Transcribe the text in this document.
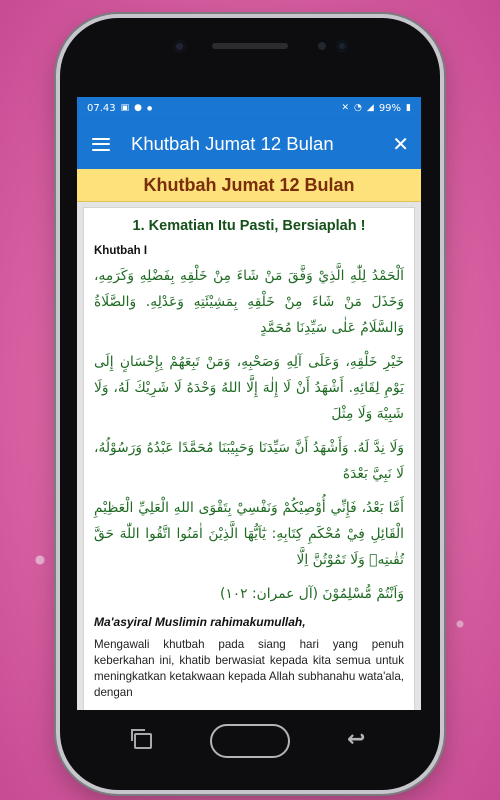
07.43 ▣ ● ●	✕ ◔ ◢ 99% ▮
Khutbah Jumat 12 Bulan	✕
Khutbah Jumat 12 Bulan
1. Kematian Itu Pasti, Bersiaplah !
Khutbah I

اَلْحَمْدُ لِلّٰهِ الَّذِيْ وَفَّقَ مَنْ شَاءَ مِنْ خَلْقِهِ بِفَضْلِهِ وَكَرَمِهِ، وَخَذَلَ مَنْ شَاءَ مِنْ خَلْقِهِ بِمَشِيْئَتِهِ وَعَدْلِهِ. وَالصَّلَاةُ وَالسَّلَامُ عَلٰى سَيِّدِنَا مُحَمَّدٍ

خَيْرِ خَلْقِهِ، وَعَلَى آلِهِ وَصَحْبِهِ، وَمَنْ تَبِعَهُمْ بِإِحْسَانٍ إِلَى يَوْمِ لِقَائِهِ. أَشْهَدُ أَنْ لَا إِلٰهَ إِلَّا اللهُ وَحْدَهُ لَا شَرِيْكَ لَهُ، وَلَا شَبِيْهَ وَلَا مِثْلَ

وَلَا نِدَّ لَهُ. وَأَشْهَدُ أَنَّ سَيِّدَنَا وَحَبِيْبَنَا مُحَمَّدًا عَبْدُهُ وَرَسُوْلُهُ، لَا نَبِيَّ بَعْدَهُ

أَمَّا بَعْدُ، فَإِنِّي أُوْصِيْكُمْ وَنَفْسِيْ بِتَقْوَى اللهِ الْعَلِيِّ الْعَظِيْمِ الْقَائِلِ فِيْ مُحْكَمِ كِتَابِهِ: يٰٓاَيُّهَا الَّذِيْنَ اٰمَنُوا اتَّقُوا اللّٰهَ حَقَّ تُقٰىتِهٖ وَلَا تَمُوْتُنَّ اِلَّا

وَاَنْتُمْ مُّسْلِمُوْنَ (آل عمران: ١٠٢)

Ma'asyiral Muslimin rahimakumullah,

Mengawali khutbah pada siang hari yang penuh keberkahan ini, khatib berwasiat kepada kita semua untuk meningkatkan ketakwaan kepada Allah subhanahu wata'ala, dengan

↩
